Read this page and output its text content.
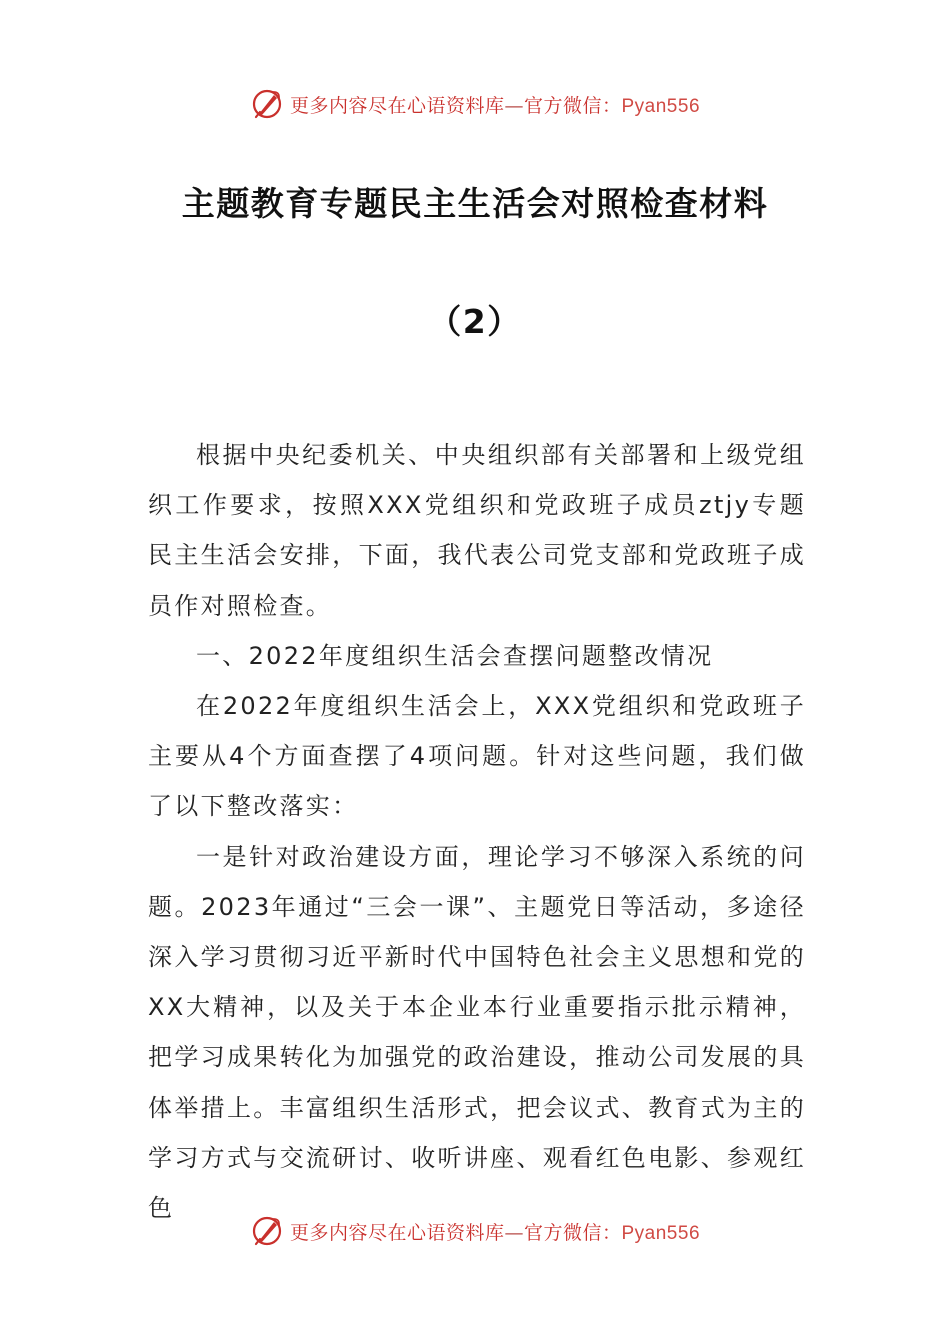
更多内容尽在心语资料库—官方微信：Pyan556
主题教育专题民主生活会对照检查材料
（2）

根据中央纪委机关、中央组织部有关部署和上级党组织工作要求，按照XXX党组织和党政班子成员ztjy专题民主生活会安排，下面，我代表公司党支部和党政班子成员作对照检查。

一、2022年度组织生活会查摆问题整改情况

在2022年度组织生活会上，XXX党组织和党政班子主要从4个方面查摆了4项问题。针对这些问题，我们做了以下整改落实：

一是针对政治建设方面，理论学习不够深入系统的问题。2023年通过“三会一课”、主题党日等活动，多途径深入学习贯彻习近平新时代中国特色社会主义思想和党的XX大精神，以及关于本企业本行业重要指示批示精神，把学习成果转化为加强党的政治建设，推动公司发展的具体举措上。丰富组织生活形式，把会议式、教育式为主的学习方式与交流研讨、收听讲座、观看红色电影、参观红色

更多内容尽在心语资料库—官方微信：Pyan556
